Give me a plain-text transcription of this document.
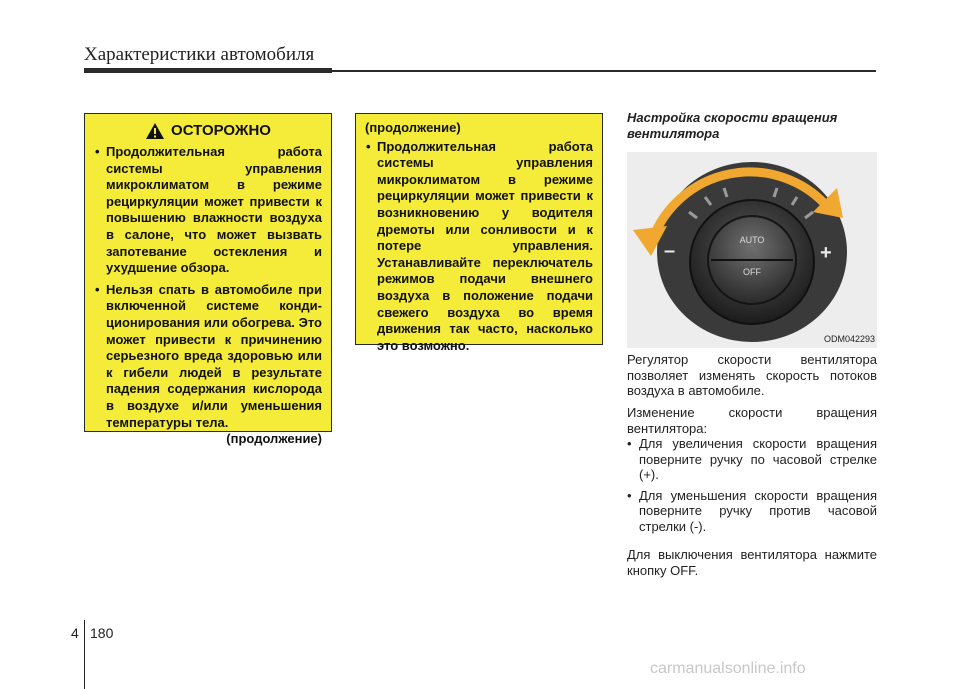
Характеристики автомобиля
ОСТОРОЖНО
• Продолжительная работа системы управления микроклиматом в режиме рециркуляции может привести к повышению влажности воздуха в салоне, что может вызвать запотевание остекления и ухудшение обзора.
• Нельзя спать в автомобиле при включенной системе конди-ционирования или обогрева. Это может привести к причинению серьезного вреда здоровью или к гибели людей в результате падения содержания кислорода в воздухе и/или уменьшения температуры тела.
(продолжение)
(продолжение)
• Продолжительная работа системы управления микроклиматом в режиме рециркуляции может привести к возникновению у водителя дремоты или сонливости и к потере управления. Устанавливайте переключатель режимов подачи внешнего воздуха в положение подачи свежего воздуха во время движения так часто, насколько это возможно.
Настройка скорости вращения вентилятора
AUTO
OFF
–	+
ODM042293
Регулятор скорости вентилятора позволяет изменять скорость потоков воздуха в автомобиле.
Изменение скорости вращения вентилятора:
• Для увеличения скорости вращения поверните ручку по часовой стрелке (+).
• Для уменьшения скорости вращения поверните ручку против часовой стрелки (-).
Для выключения вентилятора нажмите кнопку OFF.
4 180
carmanualsonline.info
